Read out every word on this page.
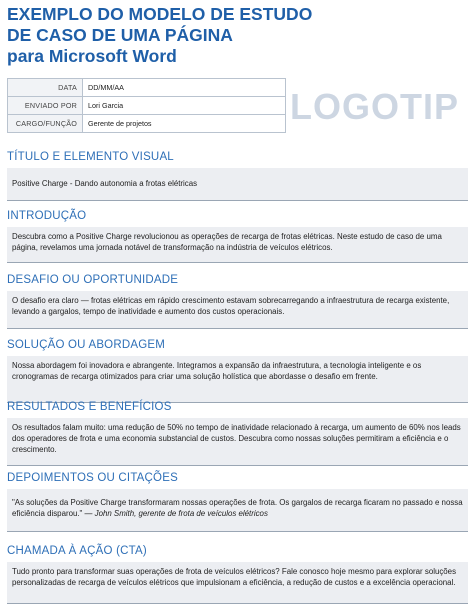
EXEMPLO DO MODELO DE ESTUDO
DE CASO DE UMA PÁGINA
para Microsoft Word
DATA	DD/MM/AA
ENVIADO POR	Lori Garcia
CARGO/FUNÇÃO	Gerente de projetos	LOGOTIP
TÍTULO E ELEMENTO VISUAL
Positive Charge - Dando autonomia a frotas elétricas
INTRODUÇÃO
Descubra como a Positive Charge revolucionou as operações de recarga de frotas elétricas. Neste estudo de caso de uma página, revelamos uma jornada notável de transformação na indústria de veículos elétricos.
DESAFIO OU OPORTUNIDADE
O desafio era claro — frotas elétricas em rápido crescimento estavam sobrecarregando a infraestrutura de recarga existente, levando a gargalos, tempo de inatividade e aumento dos custos operacionais.
SOLUÇÃO OU ABORDAGEM
Nossa abordagem foi inovadora e abrangente. Integramos a expansão da infraestrutura, a tecnologia inteligente e os cronogramas de recarga otimizados para criar uma solução holística que abordasse o desafio em frente.
RESULTADOS E BENEFÍCIOS
Os resultados falam muito: uma redução de 50% no tempo de inatividade relacionado à recarga, um aumento de 60% nos leads dos operadores de frota e uma economia substancial de custos. Descubra como nossas soluções permitiram a eficiência e o crescimento.
DEPOIMENTOS OU CITAÇÕES
"As soluções da Positive Charge transformaram nossas operações de frota. Os gargalos de recarga ficaram no passado e nossa eficiência disparou." — John Smith, gerente de frota de veículos elétricos
CHAMADA À AÇÃO (CTA)
Tudo pronto para transformar suas operações de frota de veículos elétricos? Fale conosco hoje mesmo para explorar soluções personalizadas de recarga de veículos elétricos que impulsionam a eficiência, a redução de custos e a excelência operacional.
